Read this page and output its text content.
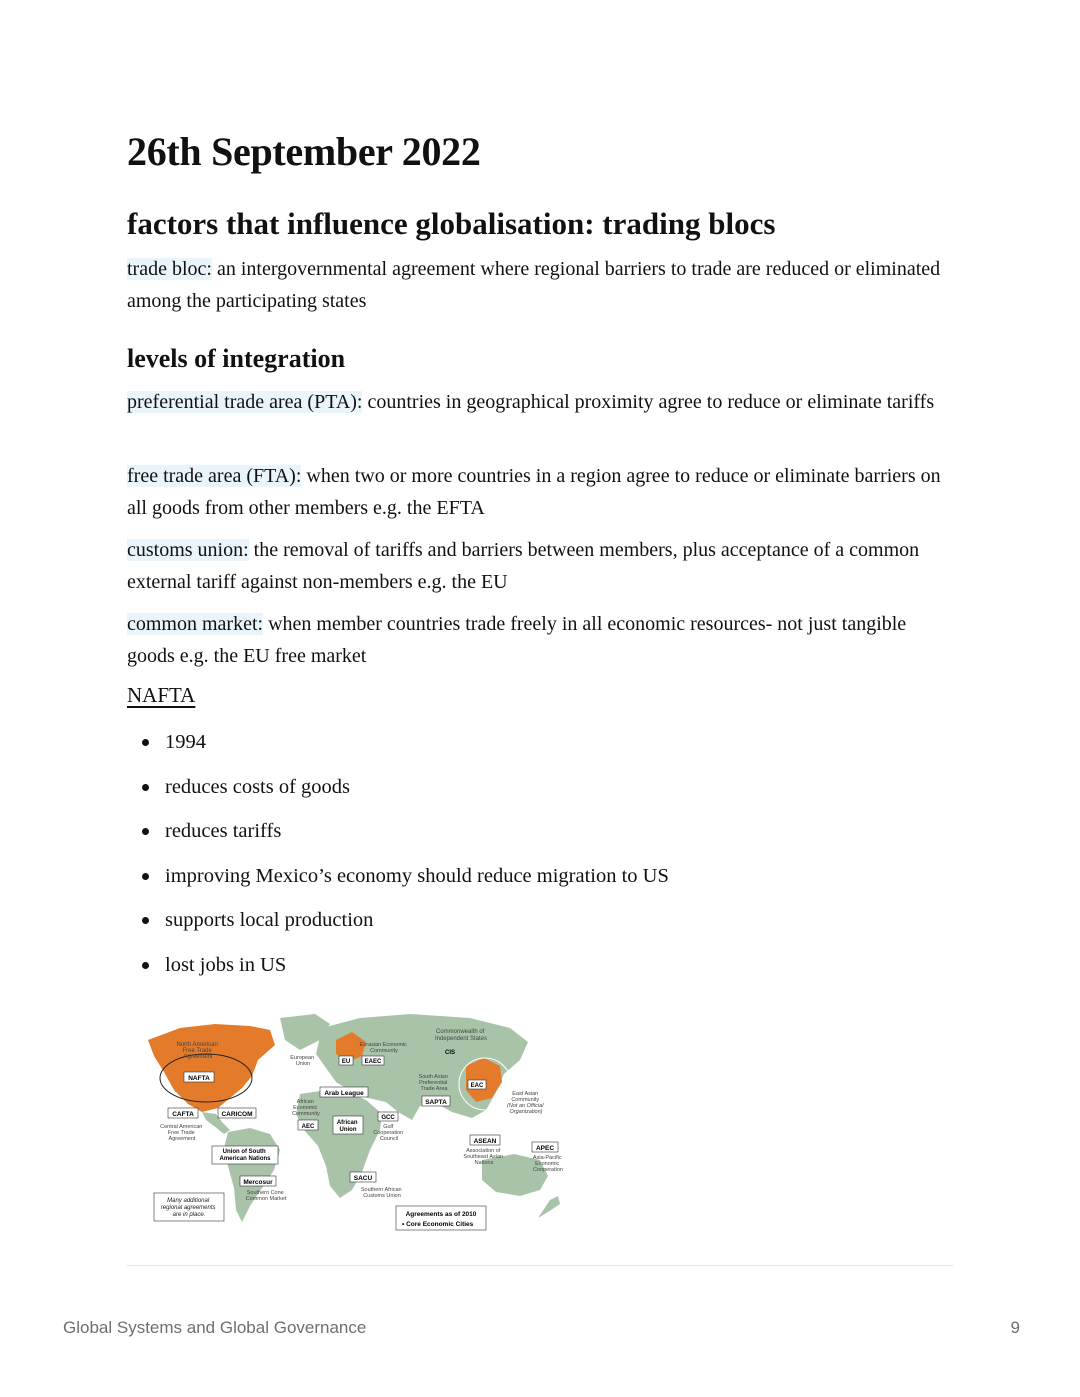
26th September 2022
factors that influence globalisation: trading blocs

trade bloc: an intergovernmental agreement where regional barriers to trade are reduced or eliminated among the participating states

levels of integration

preferential trade area (PTA): countries in geographical proximity agree to reduce or eliminate tariffs

free trade area (FTA): when two or more countries in a region agree to reduce or eliminate barriers on all goods from other members e.g. the EFTA

customs union: the removal of tariffs and barriers between members, plus acceptance of a common external tariff against non-members e.g. the EU

common market: when member countries trade freely in all economic resources- not just tangible goods e.g. the EU free market

NAFTA
1994
reduces costs of goods
reduces tariffs
improving Mexico’s economy should reduce migration to US
supports local production
lost jobs in US
North American Free Trade Agreement
NAFTA
CAFTA
Central American Free Trade Agreement
CARICOM
Union of South American Nations
Mercosur
Southern Cone Common Market
Many additional regional agreements are in place.
European Union	EU
Eurasian Economic Community
EAEC
Commonwealth of Independent States
CIS
Arab League
African Economic Community
AEC
African Union
GCC
Gulf Cooperation Council
South Asian Preferential Trade Area
SAPTA
EAC
East Asian Community (Not an Official Organization)
ASEAN
Association of Southeast Asian Nations
APEC
Asia-Pacific Economic Cooperation
SACU
Southern African Customs Union
Agreements as of 2010
• Core Economic Cities
Global Systems and Global Governance	9
